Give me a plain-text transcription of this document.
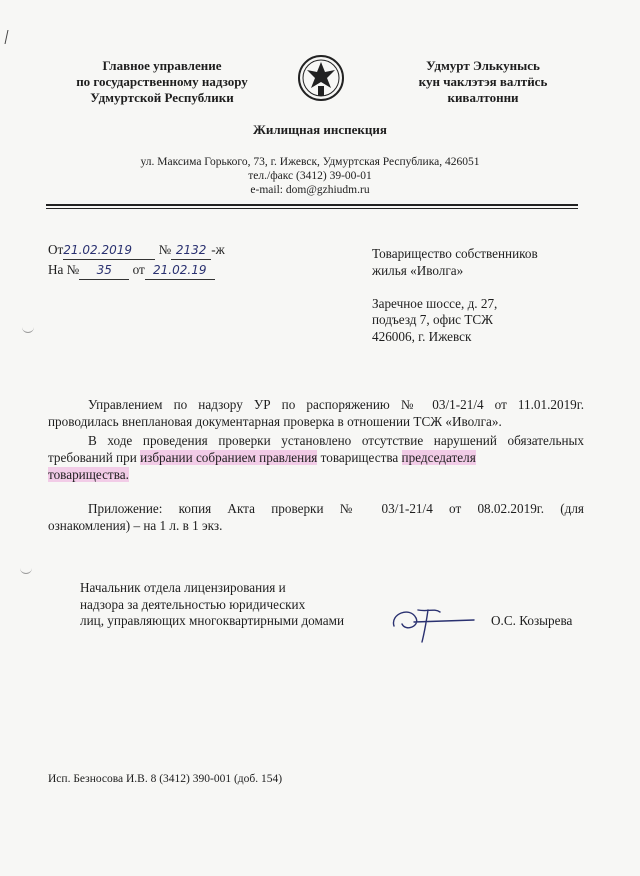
Главное управление
по государственному надзору
Удмуртской Республики
Удмурт Элькунысь
кун чаклэтэя валтӥсь
кивалтонни
Жилищная инспекция
ул. Максима Горького, 73, г. Ижевск, Удмуртская Республика, 426051
тел./факс (3412) 39-00-01
e-mail: dom@gzhiudm.ru
От21.02.2019 № 2132 -ж
На № 35 от 21.02.19
Товарищество собственников
жилья «Иволга»
Заречное шоссе, д. 27,
подъезд 7, офис ТСЖ
426006, г. Ижевск
Управлением по надзору УР по распоряжению № 03/1-21/4 от 11.01.2019г.
проводилась внеплановая документарная проверка в отношении ТСЖ «Иволга».
В ходе проведения проверки установлено отсутствие нарушений обязательных
требований при избрании собранием правления товарищества председателя
товарищества.
Приложение: копия Акта проверки № 03/1-21/4 от 08.02.2019г. (для
ознакомления) – на 1 л. в 1 экз.
Начальник отдела лицензирования и
надзора за деятельностью юридических
лиц, управляющих многоквартирными домами	О.С. Козырева
Исп. Безносова И.В. 8 (3412) 390-001 (доб. 154)
